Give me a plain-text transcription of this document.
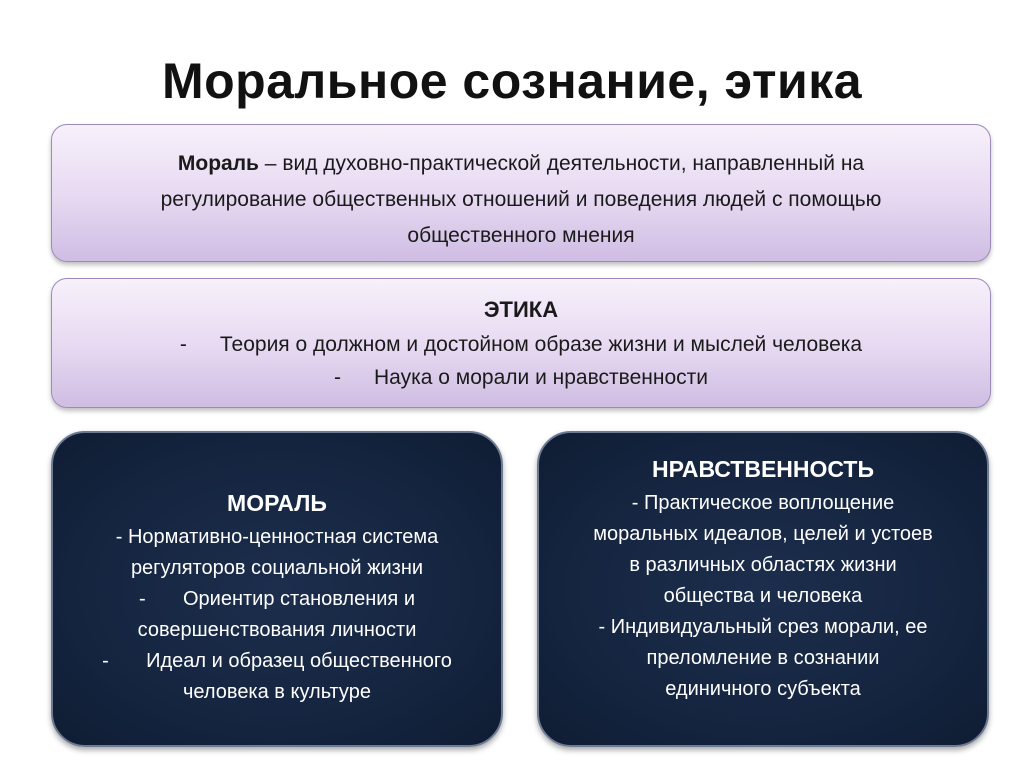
Моральное сознание, этика
Мораль – вид духовно-практической деятельности, направленный на
регулирование общественных отношений и поведения людей с помощью
общественного мнения
ЭТИКА
- Теория о должном и достойном образе жизни и мыслей человека
- Наука о морали и нравственности
МОРАЛЬ
- Нормативно-ценностная система
регуляторов социальной жизни
- Ориентир становления и
совершенствования личности
- Идеал и образец общественного
человека в культуре
НРАВСТВЕННОСТЬ
- Практическое воплощение
моральных идеалов, целей и устоев
в различных областях жизни
общества и человека
- Индивидуальный срез морали, ее
преломление в сознании
единичного субъекта
